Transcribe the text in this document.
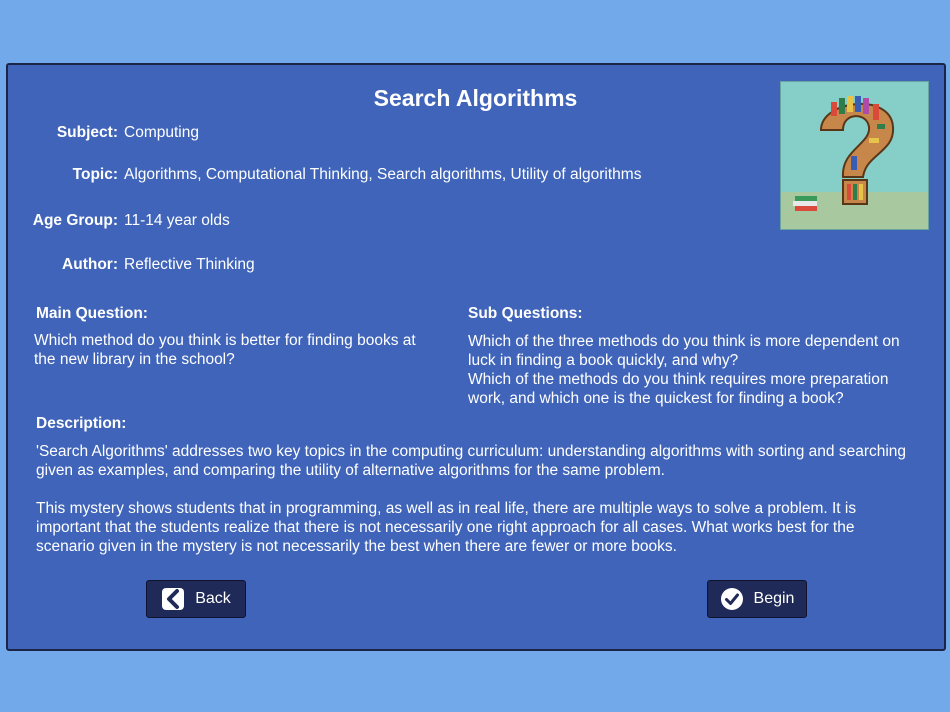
Search Algorithms
Subject: Computing
Topic: Algorithms, Computational Thinking, Search algorithms, Utility of algorithms
Age Group: 11-14 year olds
Author: Reflective Thinking
Main Question:
Which method do you think is better for finding books at the new library in the school?
Sub Questions:
Which of the three methods do you think is more dependent on luck in finding a book quickly, and why?
Which of the methods do you think requires more preparation work, and which one is the quickest for finding a book?
Description:
'Search Algorithms' addresses two key topics in the computing curriculum: understanding algorithms with sorting and searching given as examples, and comparing the utility of alternative algorithms for the same problem.
This mystery shows students that in programming, as well as in real life, there are multiple ways to solve a problem. It is important that the students realize that there is not necessarily one right approach for all cases. What works best for the scenario given in the mystery is not necessarily the best when there are fewer or more books.
Back	Begin
